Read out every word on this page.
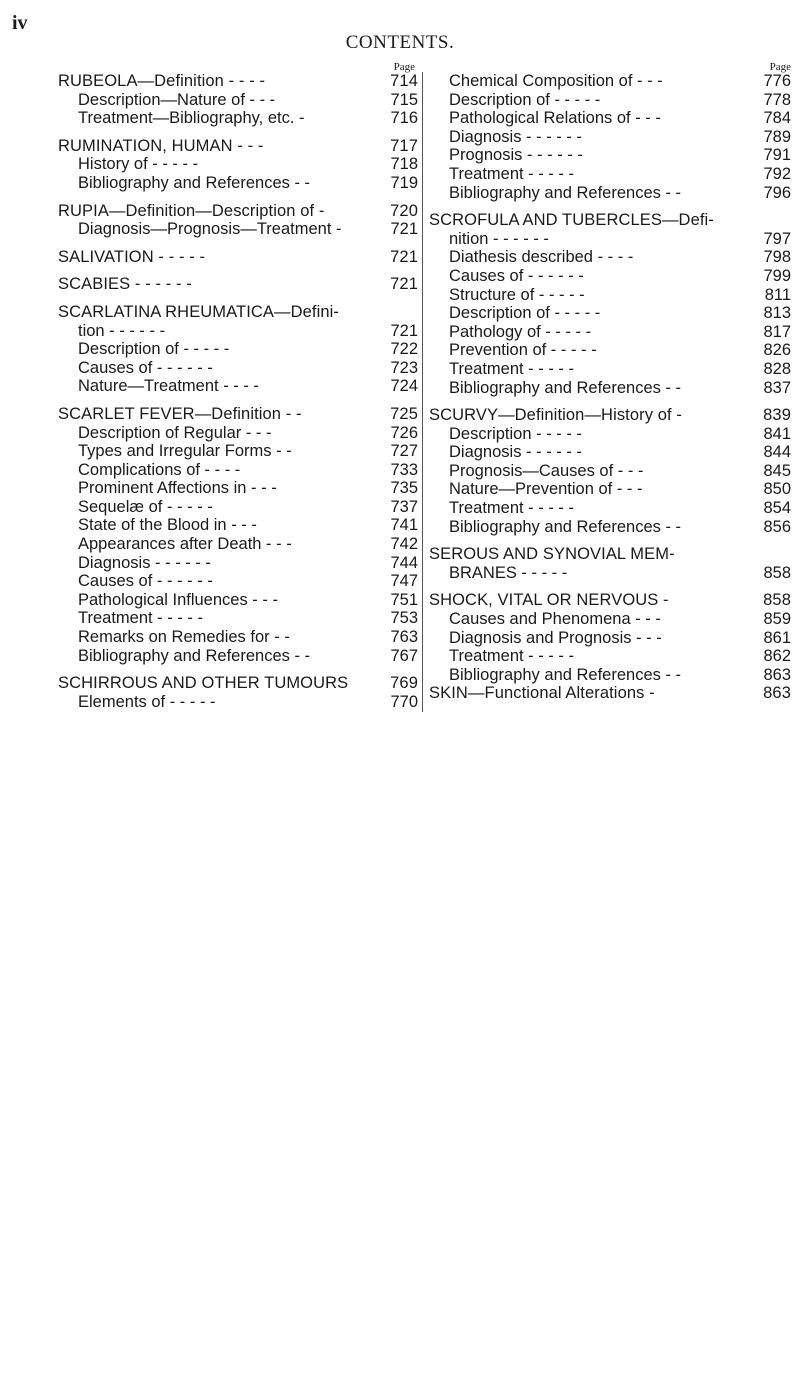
iv
CONTENTS.
Page
RUBEOLA—Definition - - - -	714
Description—Nature of - - -	715
Treatment—Bibliography, etc. -	716
RUMINATION, HUMAN - - -	717
History of - - - - -	718
Bibliography and References - -	719
RUPIA—Definition—Description of -	720
Diagnosis—Prognosis—Treatment -	721
SALIVATION - - - - -	721
SCABIES - - - - - -	721
SCARLATINA RHEUMATICA—Defini-
tion - - - - - -	721
Description of - - - - -	722
Causes of - - - - - -	723
Nature—Treatment - - - -	724
SCARLET FEVER—Definition - -	725
Description of Regular - - -	726
Types and Irregular Forms - -	727
Complications of - - - -	733
Prominent Affections in - - -	735
Sequelæ of - - - - -	737
State of the Blood in - - -	741
Appearances after Death - - -	742
Diagnosis - - - - - -	744
Causes of - - - - - -	747
Pathological Influences - - -	751
Treatment - - - - -	753
Remarks on Remedies for - -	763
Bibliography and References - -	767
SCHIRROUS AND OTHER TUMOURS	769
Elements of - - - - -	770
Page
Chemical Composition of - - -	776
Description of - - - - -	778
Pathological Relations of - - -	784
Diagnosis - - - - - -	789
Prognosis - - - - - -	791
Treatment - - - - -	792
Bibliography and References - -	796
SCROFULA AND TUBERCLES—Defi-
nition - - - - - -	797
Diathesis described - - - -	798
Causes of - - - - - -	799
Structure of - - - - -	811
Description of - - - - -	813
Pathology of - - - - -	817
Prevention of - - - - -	826
Treatment - - - - -	828
Bibliography and References - -	837
SCURVY—Definition—History of -	839
Description - - - - -	841
Diagnosis - - - - - -	844
Prognosis—Causes of - - -	845
Nature—Prevention of - - -	850
Treatment - - - - -	854
Bibliography and References - -	856
SEROUS AND SYNOVIAL MEM-
BRANES - - - - -	858
SHOCK, VITAL OR NERVOUS -	858
Causes and Phenomena - - -	859
Diagnosis and Prognosis - - -	861
Treatment - - - - -	862
Bibliography and References - -	863
SKIN—Functional Alterations -	863
